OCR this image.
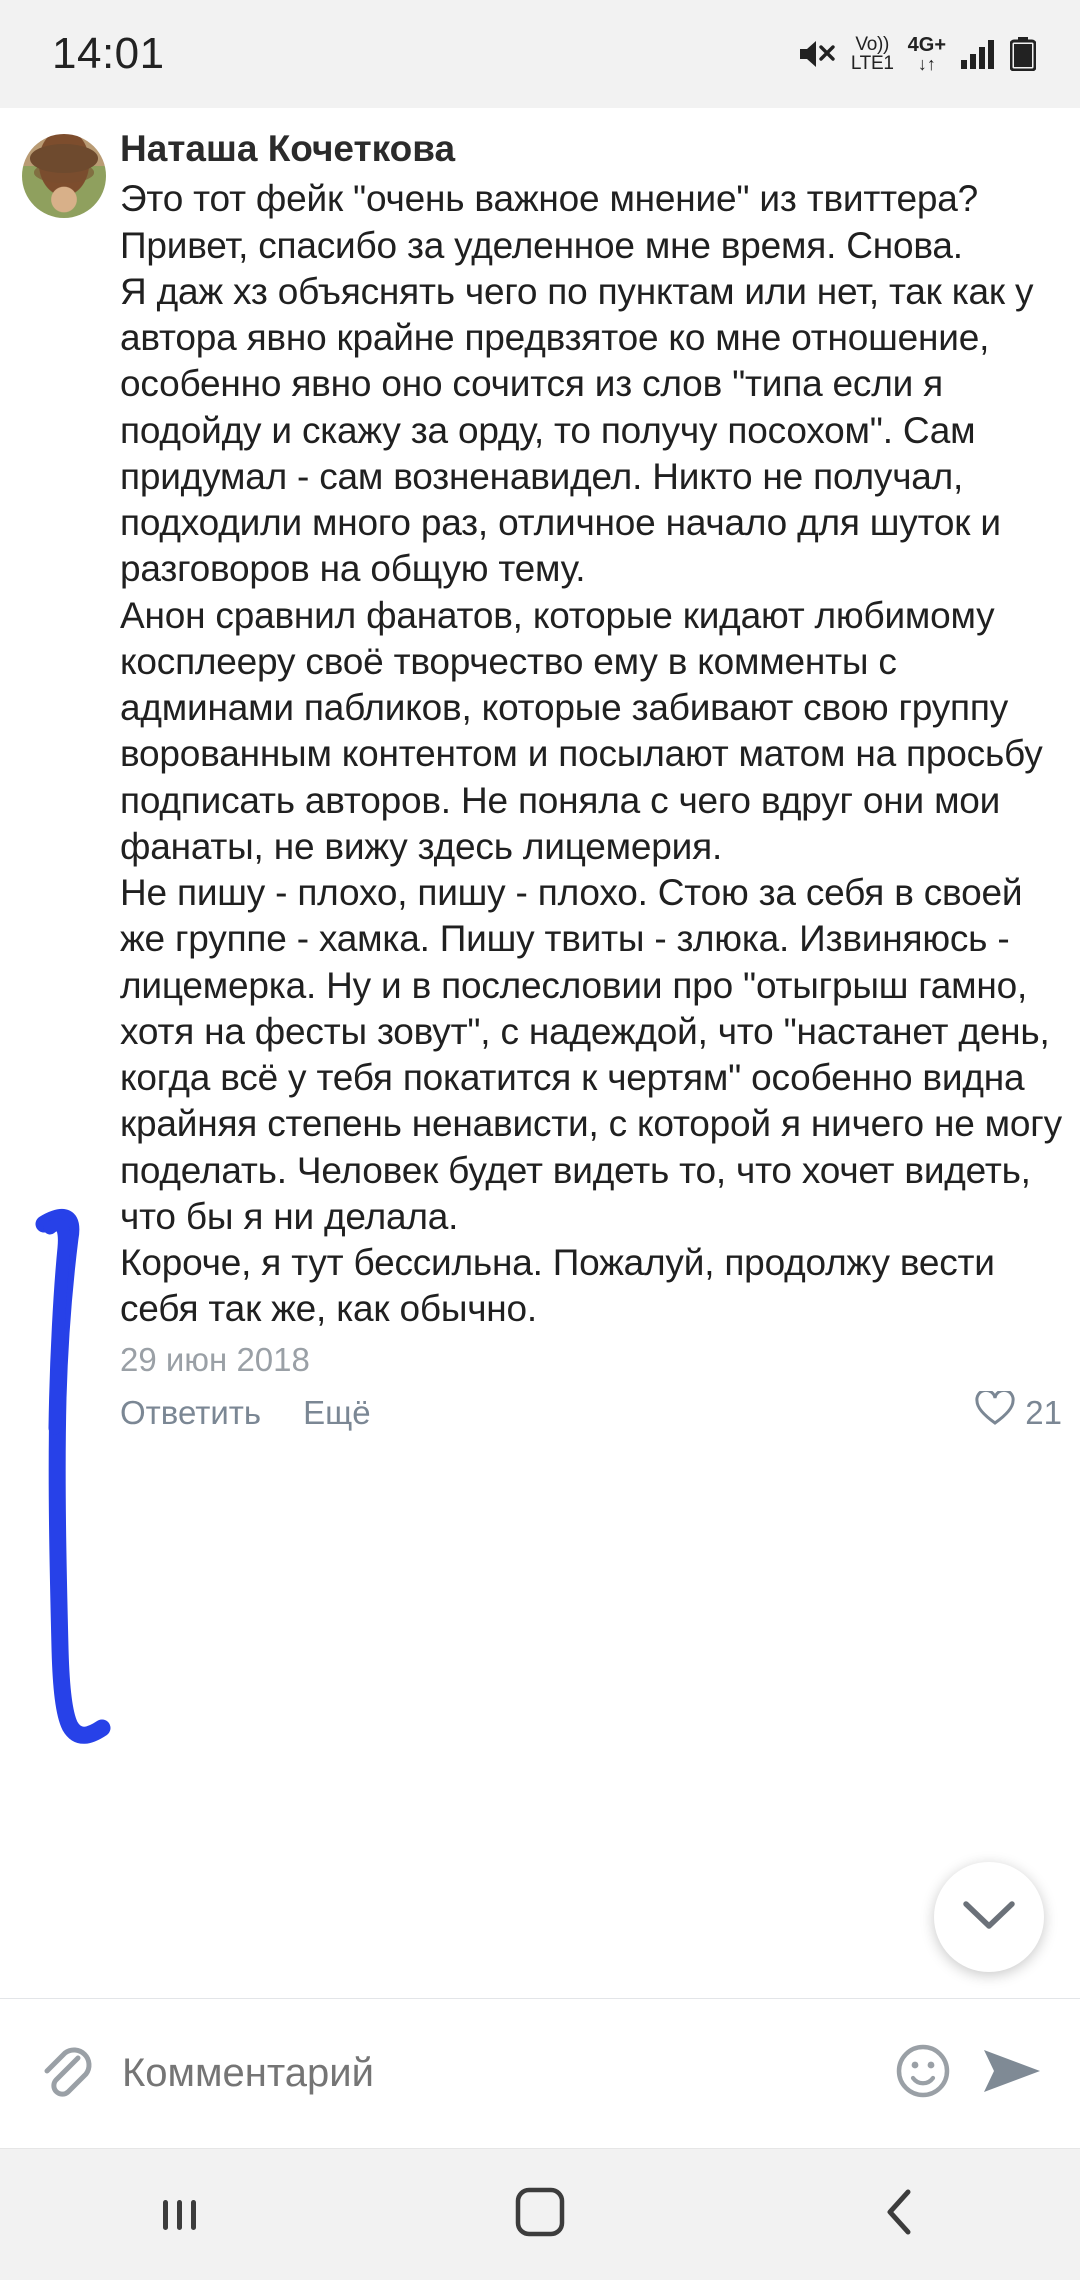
14:01	Vo))
LTE1
4G+
↓↑
Наташа Кочеткова
Это тот фейк "очень важное мнение" из твиттера? Привет, спасибо за уделенное мне время. Снова.
Я даж хз объяснять чего по пунктам или нет, так как у автора явно крайне предвзятое ко мне отношение, особенно явно оно сочится из слов "типа если я подойду и скажу за орду, то получу посохом". Сам придумал - сам возненавидел. Никто не получал, подходили много раз, отличное начало для шуток и разговоров на общую тему.
Анон сравнил фанатов, которые кидают любимому косплееру своё творчество ему в комменты с админами пабликов, которые забивают свою группу ворованным контентом и посылают матом на просьбу подписать авторов. Не поняла с чего вдруг они мои фанаты, не вижу здесь лицемерия.
Не пишу - плохо, пишу - плохо. Стою за себя в своей же группе - хамка. Пишу твиты - злюка. Извиняюсь - лицемерка. Ну и в послесловии про "отыгрыш гамно, хотя на фесты зовут", с надеждой, что "настанет день, когда всё у тебя покатится к чертям" особенно видна крайняя степень ненависти, с которой я ничего не могу поделать. Человек будет видеть то, что хочет видеть, что бы я ни делала.
Короче, я тут бессильна. Пожалуй, продолжу вести себя так же, как обычно.
29 июн 2018
Ответить Ещё	21
Комментарий
